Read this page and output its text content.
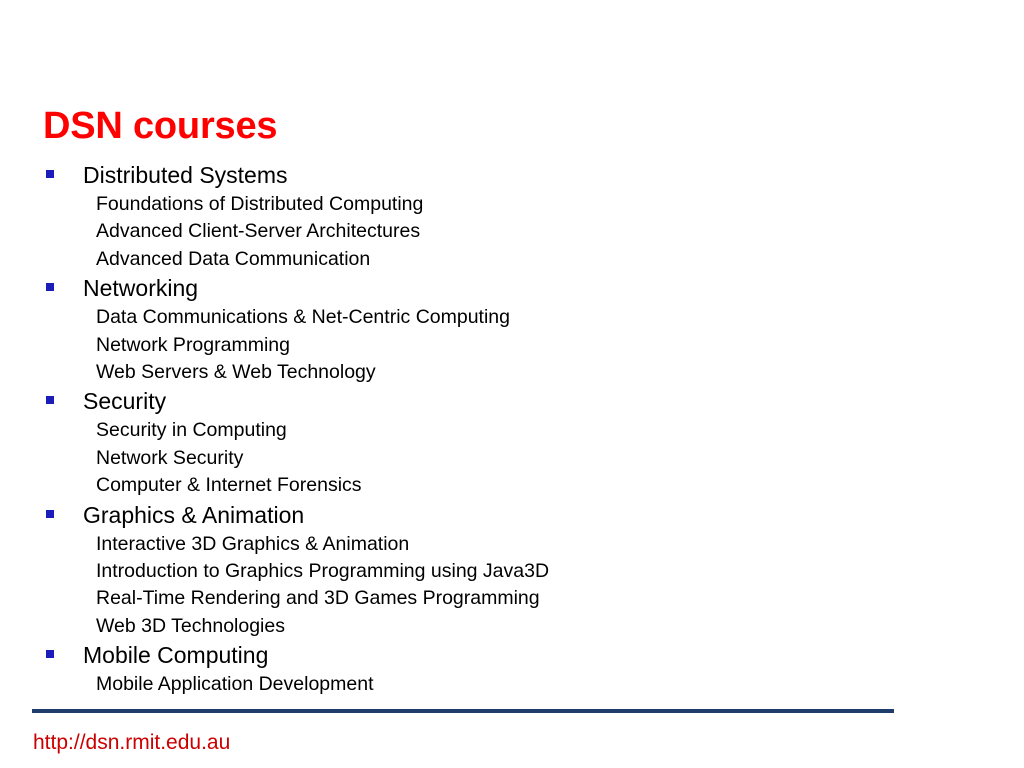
DSN courses
Distributed Systems
Foundations of Distributed Computing
Advanced Client-Server Architectures
Advanced Data Communication
Networking
Data Communications & Net-Centric Computing
Network Programming
Web Servers & Web Technology
Security
Security in Computing
Network Security
Computer & Internet Forensics
Graphics & Animation
Interactive 3D Graphics & Animation
Introduction to Graphics Programming using Java3D
Real-Time Rendering and 3D Games Programming
Web 3D Technologies
Mobile Computing
Mobile Application Development
http://dsn.rmit.edu.au
